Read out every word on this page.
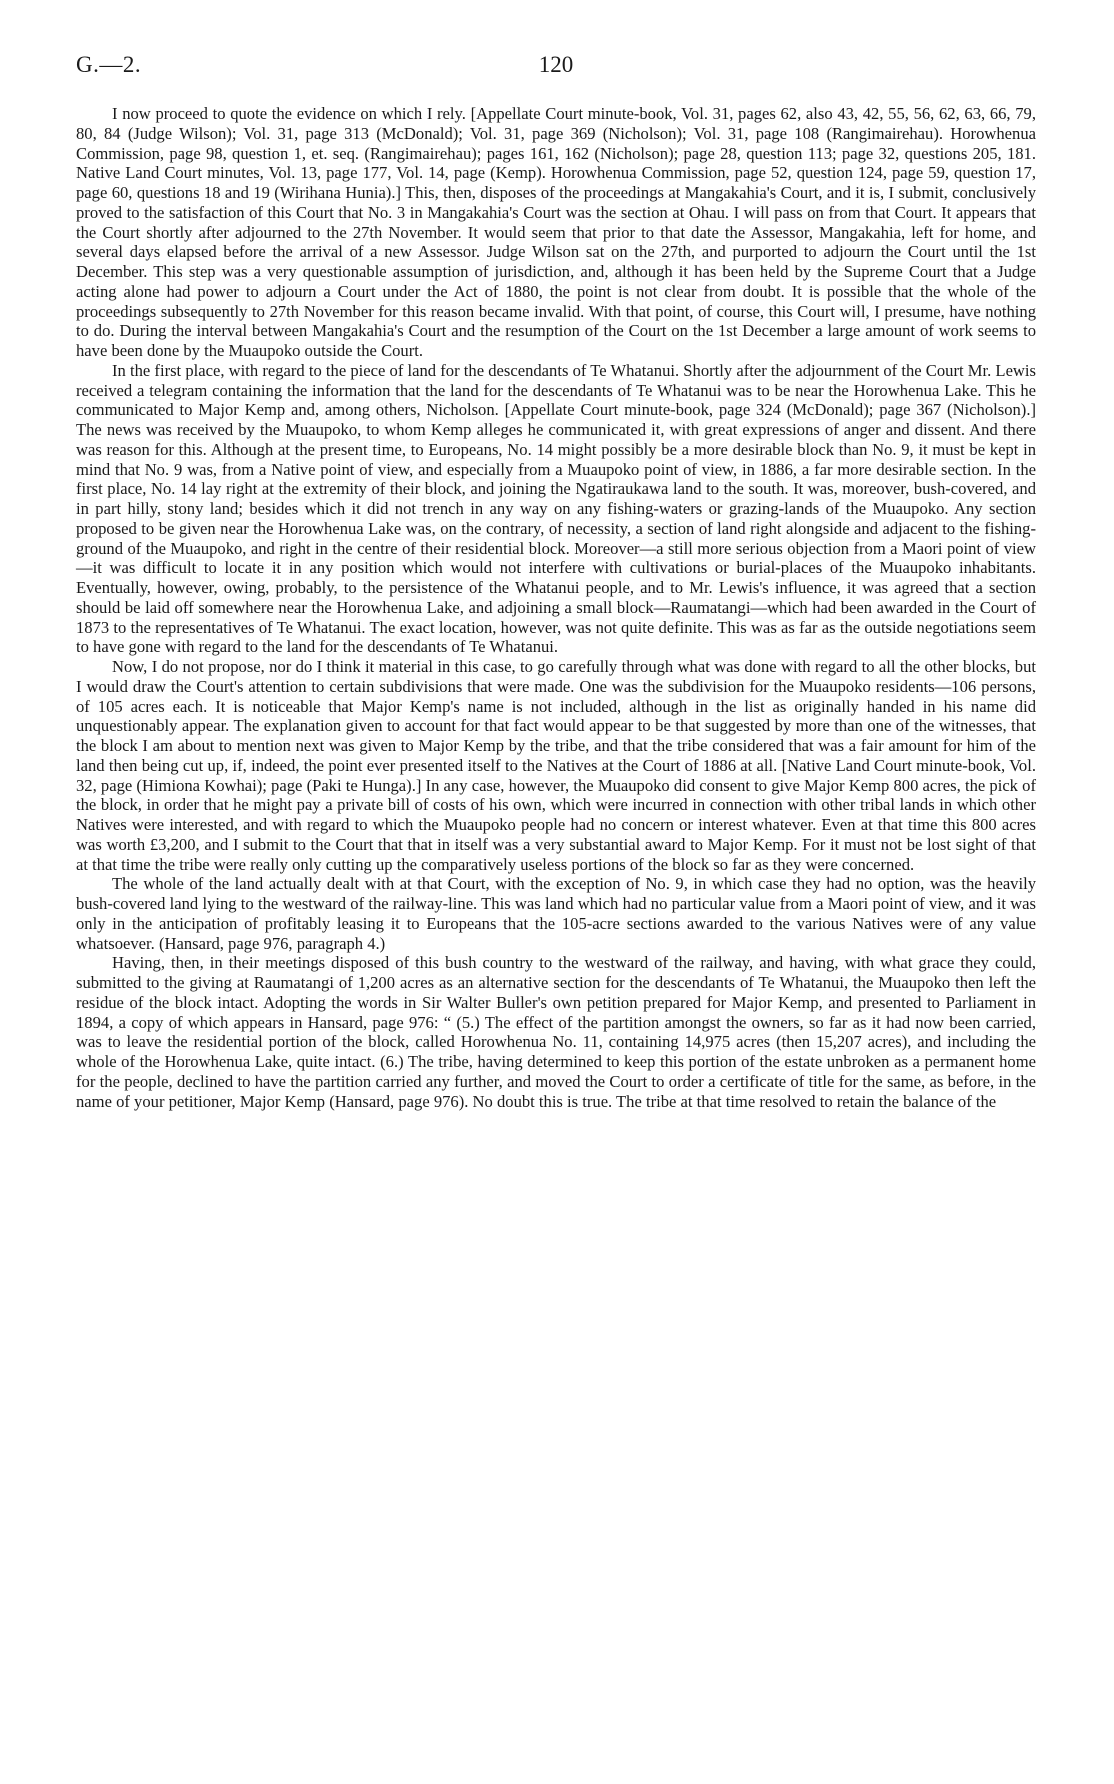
G.—2.	120

I now proceed to quote the evidence on which I rely. [Appellate Court minute-book, Vol. 31, pages 62, also 43, 42, 55, 56, 62, 63, 66, 79, 80, 84 (Judge Wilson); Vol. 31, page 313 (McDonald); Vol. 31, page 369 (Nicholson); Vol. 31, page 108 (Rangimairehau). Horowhenua Commission, page 98, question 1, et. seq. (Rangimairehau); pages 161, 162 (Nicholson); page 28, question 113; page 32, questions 205, 181. Native Land Court minutes, Vol. 13, page 177, Vol. 14, page (Kemp). Horowhenua Commission, page 52, question 124, page 59, question 17, page 60, questions 18 and 19 (Wirihana Hunia).] This, then, disposes of the proceedings at Mangakahia's Court, and it is, I submit, conclusively proved to the satisfaction of this Court that No. 3 in Mangakahia's Court was the section at Ohau. I will pass on from that Court. It appears that the Court shortly after adjourned to the 27th November. It would seem that prior to that date the Assessor, Mangakahia, left for home, and several days elapsed before the arrival of a new Assessor. Judge Wilson sat on the 27th, and purported to adjourn the Court until the 1st December. This step was a very questionable assumption of jurisdiction, and, although it has been held by the Supreme Court that a Judge acting alone had power to adjourn a Court under the Act of 1880, the point is not clear from doubt. It is possible that the whole of the proceedings subsequently to 27th November for this reason became invalid. With that point, of course, this Court will, I presume, have nothing to do. During the interval between Mangakahia's Court and the resumption of the Court on the 1st December a large amount of work seems to have been done by the Muaupoko outside the Court.

In the first place, with regard to the piece of land for the descendants of Te Whatanui. Shortly after the adjournment of the Court Mr. Lewis received a telegram containing the information that the land for the descendants of Te Whatanui was to be near the Horowhenua Lake. This he communicated to Major Kemp and, among others, Nicholson. [Appellate Court minute-book, page 324 (McDonald); page 367 (Nicholson).] The news was received by the Muaupoko, to whom Kemp alleges he communicated it, with great expressions of anger and dissent. And there was reason for this. Although at the present time, to Europeans, No. 14 might possibly be a more desirable block than No. 9, it must be kept in mind that No. 9 was, from a Native point of view, and especially from a Muaupoko point of view, in 1886, a far more desirable section. In the first place, No. 14 lay right at the extremity of their block, and joining the Ngatiraukawa land to the south. It was, moreover, bush-covered, and in part hilly, stony land; besides which it did not trench in any way on any fishing-waters or grazing-lands of the Muaupoko. Any section proposed to be given near the Horowhenua Lake was, on the contrary, of necessity, a section of land right alongside and adjacent to the fishing-ground of the Muaupoko, and right in the centre of their residential block. Moreover—a still more serious objection from a Maori point of view—it was difficult to locate it in any position which would not interfere with cultivations or burial-places of the Muaupoko inhabitants. Eventually, however, owing, probably, to the persistence of the Whatanui people, and to Mr. Lewis's influence, it was agreed that a section should be laid off somewhere near the Horowhenua Lake, and adjoining a small block—Raumatangi—which had been awarded in the Court of 1873 to the representatives of Te Whatanui. The exact location, however, was not quite definite. This was as far as the outside negotiations seem to have gone with regard to the land for the descendants of Te Whatanui.

Now, I do not propose, nor do I think it material in this case, to go carefully through what was done with regard to all the other blocks, but I would draw the Court's attention to certain subdivisions that were made. One was the subdivision for the Muaupoko residents—106 persons, of 105 acres each. It is noticeable that Major Kemp's name is not included, although in the list as originally handed in his name did unquestionably appear. The explanation given to account for that fact would appear to be that suggested by more than one of the witnesses, that the block I am about to mention next was given to Major Kemp by the tribe, and that the tribe considered that was a fair amount for him of the land then being cut up, if, indeed, the point ever presented itself to the Natives at the Court of 1886 at all. [Native Land Court minute-book, Vol. 32, page (Himiona Kowhai); page (Paki te Hunga).] In any case, however, the Muaupoko did consent to give Major Kemp 800 acres, the pick of the block, in order that he might pay a private bill of costs of his own, which were incurred in connection with other tribal lands in which other Natives were interested, and with regard to which the Muaupoko people had no concern or interest whatever. Even at that time this 800 acres was worth £3,200, and I submit to the Court that that in itself was a very substantial award to Major Kemp. For it must not be lost sight of that at that time the tribe were really only cutting up the comparatively useless portions of the block so far as they were concerned.

The whole of the land actually dealt with at that Court, with the exception of No. 9, in which case they had no option, was the heavily bush-covered land lying to the westward of the railway-line. This was land which had no particular value from a Maori point of view, and it was only in the anticipation of profitably leasing it to Europeans that the 105-acre sections awarded to the various Natives were of any value whatsoever. (Hansard, page 976, paragraph 4.)

Having, then, in their meetings disposed of this bush country to the westward of the railway, and having, with what grace they could, submitted to the giving at Raumatangi of 1,200 acres as an alternative section for the descendants of Te Whatanui, the Muaupoko then left the residue of the block intact. Adopting the words in Sir Walter Buller's own petition prepared for Major Kemp, and presented to Parliament in 1894, a copy of which appears in Hansard, page 976: “ (5.) The effect of the partition amongst the owners, so far as it had now been carried, was to leave the residential portion of the block, called Horowhenua No. 11, containing 14,975 acres (then 15,207 acres), and including the whole of the Horowhenua Lake, quite intact. (6.) The tribe, having determined to keep this portion of the estate unbroken as a permanent home for the people, declined to have the partition carried any further, and moved the Court to order a certificate of title for the same, as before, in the name of your petitioner, Major Kemp (Hansard, page 976). No doubt this is true. The tribe at that time resolved to retain the balance of the
